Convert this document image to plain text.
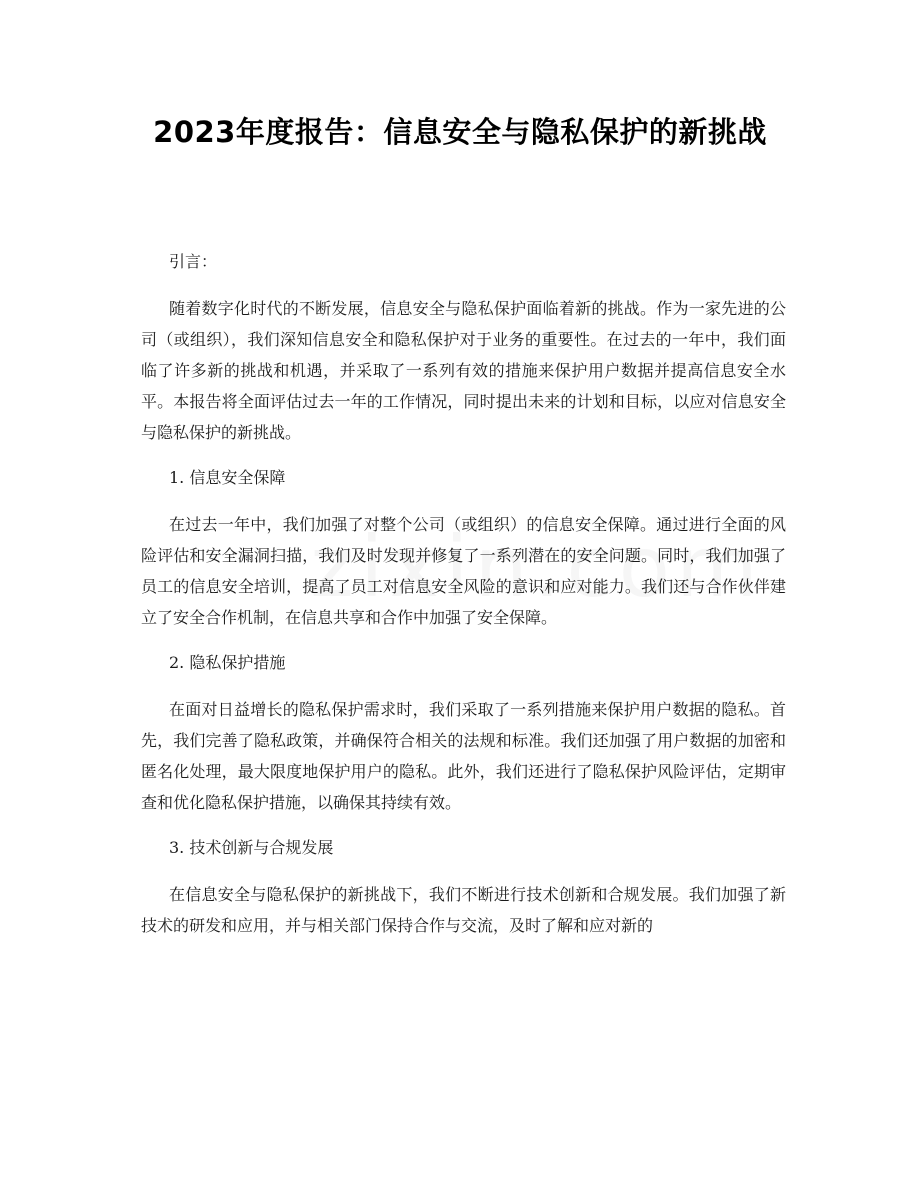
2023年度报告：信息安全与隐私保护的新挑战

引言：

随着数字化时代的不断发展，信息安全与隐私保护面临着新的挑战。作为一家先进的公司（或组织），我们深知信息安全和隐私保护对于业务的重要性。在过去的一年中，我们面临了许多新的挑战和机遇，并采取了一系列有效的措施来保护用户数据并提高信息安全水平。本报告将全面评估过去一年的工作情况，同时提出未来的计划和目标，以应对信息安全与隐私保护的新挑战。

1. 信息安全保障

在过去一年中，我们加强了对整个公司（或组织）的信息安全保障。通过进行全面的风险评估和安全漏洞扫描，我们及时发现并修复了一系列潜在的安全问题。同时，我们加强了员工的信息安全培训，提高了员工对信息安全风险的意识和应对能力。我们还与合作伙伴建立了安全合作机制，在信息共享和合作中加强了安全保障。

2. 隐私保护措施

在面对日益增长的隐私保护需求时，我们采取了一系列措施来保护用户数据的隐私。首先，我们完善了隐私政策，并确保符合相关的法规和标准。我们还加强了用户数据的加密和匿名化处理，最大限度地保护用户的隐私。此外，我们还进行了隐私保护风险评估，定期审查和优化隐私保护措施，以确保其持续有效。

3. 技术创新与合规发展

在信息安全与隐私保护的新挑战下，我们不断进行技术创新和合规发展。我们加强了新技术的研发和应用，并与相关部门保持合作与交流，及时了解和应对新的
